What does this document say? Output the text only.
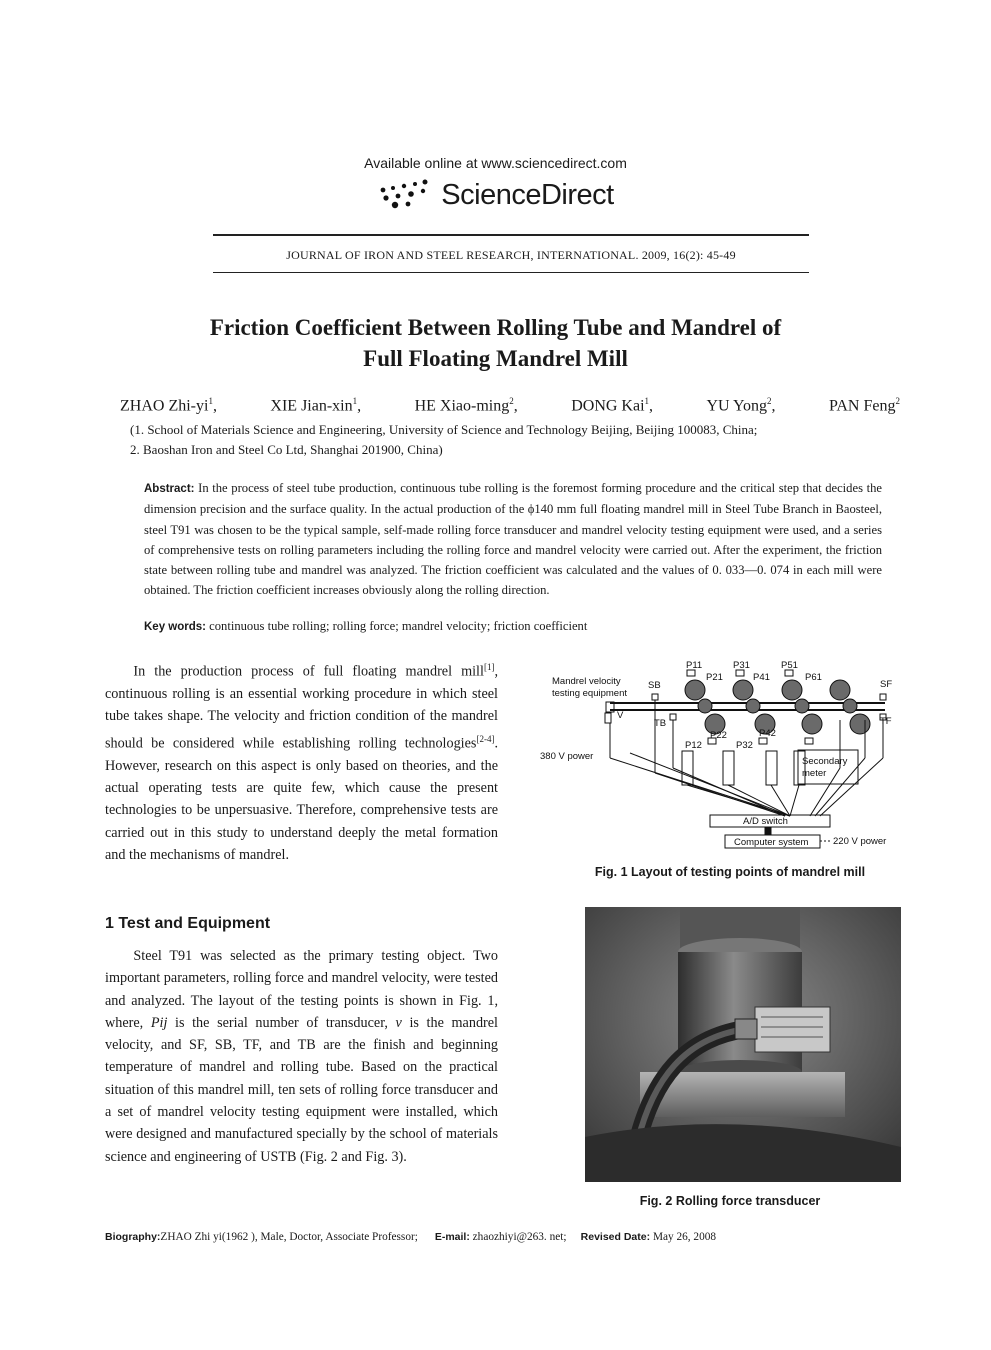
Available online at www.sciencedirect.com
ScienceDirect
JOURNAL OF IRON AND STEEL RESEARCH, INTERNATIONAL. 2009, 16(2): 45-49
Friction Coefficient Between Rolling Tube and Mandrel of
Full Floating Mandrel Mill
ZHAO Zhi-$yi^1$,	XIE Jian-xin$^1$,	HE Xiao-ming$^2$,	DONG Kai$^1$,	YU Yong$^2$,	PAN Feng$^2$
(1. School of Materials Science and Engineering, University of Science and Technology Beijing, Beijing 100083, China;
2. Baoshan Iron and Steel Co Ltd, Shanghai 201900, China)
Abstract: In the process of steel tube production, continuous tube rolling is the foremost forming procedure and the critical step that decides the dimension precision and the surface quality. In the actual production of the ϕ140 mm full floating mandrel mill in Steel Tube Branch in Baosteel, steel T91 was chosen to be the typical sample, self-made rolling force transducer and mandrel velocity testing equipment were used, and a series of comprehensive tests on rolling parameters including the rolling force and mandrel velocity were carried out. After the experiment, the friction state between rolling tube and mandrel was analyzed. The friction coefficient was calculated and the values of 0. 033—0. 074 in each mill were obtained. The friction coefficient increases obviously along the rolling direction.
Key words: continuous tube rolling; rolling force; mandrel velocity; friction coefficient

In the production process of full floating mandrel mill[1], continuous rolling is an essential working procedure in which steel tube takes shape. The velocity and friction condition of the mandrel should be considered while establishing rolling technologies[2-4]. However, research on this aspect is only based on theories, and the actual operating tests are quite few, which cause the present technologies to be unpersuasive. Therefore, comprehensive tests are carried out in this study to understand deeply the metal formation and the mechanisms of mandrel.

1 Test and Equipment

Steel T91 was selected as the primary testing object. Two important parameters, rolling force and mandrel velocity, were tested and analyzed. The layout of the testing points is shown in Fig. 1, where, Pij is the serial number of transducer, v is the mandrel velocity, and SF, SB, TF, and TB are the finish and beginning temperature of mandrel and rolling tube. Based on the practical situation of this mandrel mill, ten sets of rolling force transducer and a set of mandrel velocity testing equipment were installed, which were designed and manufactured specially by the school of materials science and engineering of USTB (Fig. 2 and Fig. 3).

Mandrel velocity
testing equipment
SB
V
TB
SF
TF
P11
P21
P31
P41
P51
P61
P12
P22
P32
P42
380 V power	Secondary
meter
A/D switch
Computer system	220 V power
Fig. 1 Layout of testing points of mandrel mill
Fig. 2 Rolling force transducer
Biography:ZHAO Zhi yi(1962 ), Male, Doctor, Associate Professor; E-mail: zhaozhiyi@263. net; Revised Date: May 26, 2008
